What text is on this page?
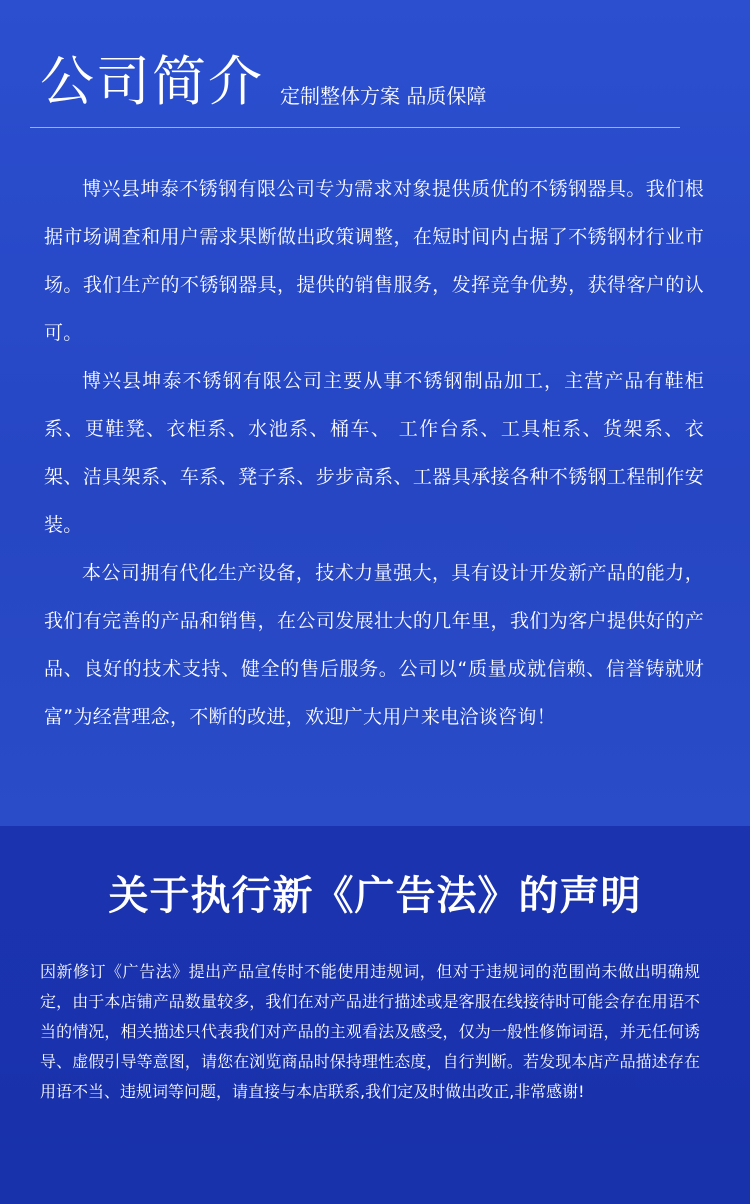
公司简介 定制整体方案 品质保障

博兴县坤泰不锈钢有限公司专为需求对象提供质优的不锈钢器具。我们根据市场调查和用户需求果断做出政策调整，在短时间内占据了不锈钢材行业市场。我们生产的不锈钢器具，提供的销售服务，发挥竞争优势，获得客户的认可。

博兴县坤泰不锈钢有限公司主要从事不锈钢制品加工，主营产品有鞋柜系、更鞋凳、衣柜系、水池系、桶车、 工作台系、工具柜系、货架系、衣架、洁具架系、车系、凳子系、步步高系、工器具承接各种不锈钢工程制作安装。

本公司拥有代化生产设备，技术力量强大，具有设计开发新产品的能力，我们有完善的产品和销售，在公司发展壮大的几年里，我们为客户提供好的产品、良好的技术支持、健全的售后服务。公司以“质量成就信赖、信誉铸就财富”为经营理念，不断的改进，欢迎广大用户来电洽谈咨询！

关于执行新《广告法》的声明

因新修订《广告法》提出产品宣传时不能使用违规词，但对于违规词的范围尚未做出明确规定，由于本店铺产品数量较多，我们在对产品进行描述或是客服在线接待时可能会存在用语不当的情况，相关描述只代表我们对产品的主观看法及感受，仅为一般性修饰词语，并无任何诱导、虚假引导等意图，请您在浏览商品时保持理性态度，自行判断。若发现本店产品描述存在用语不当、违规词等问题，请直接与本店联系,我们定及时做出改正,非常感谢!
